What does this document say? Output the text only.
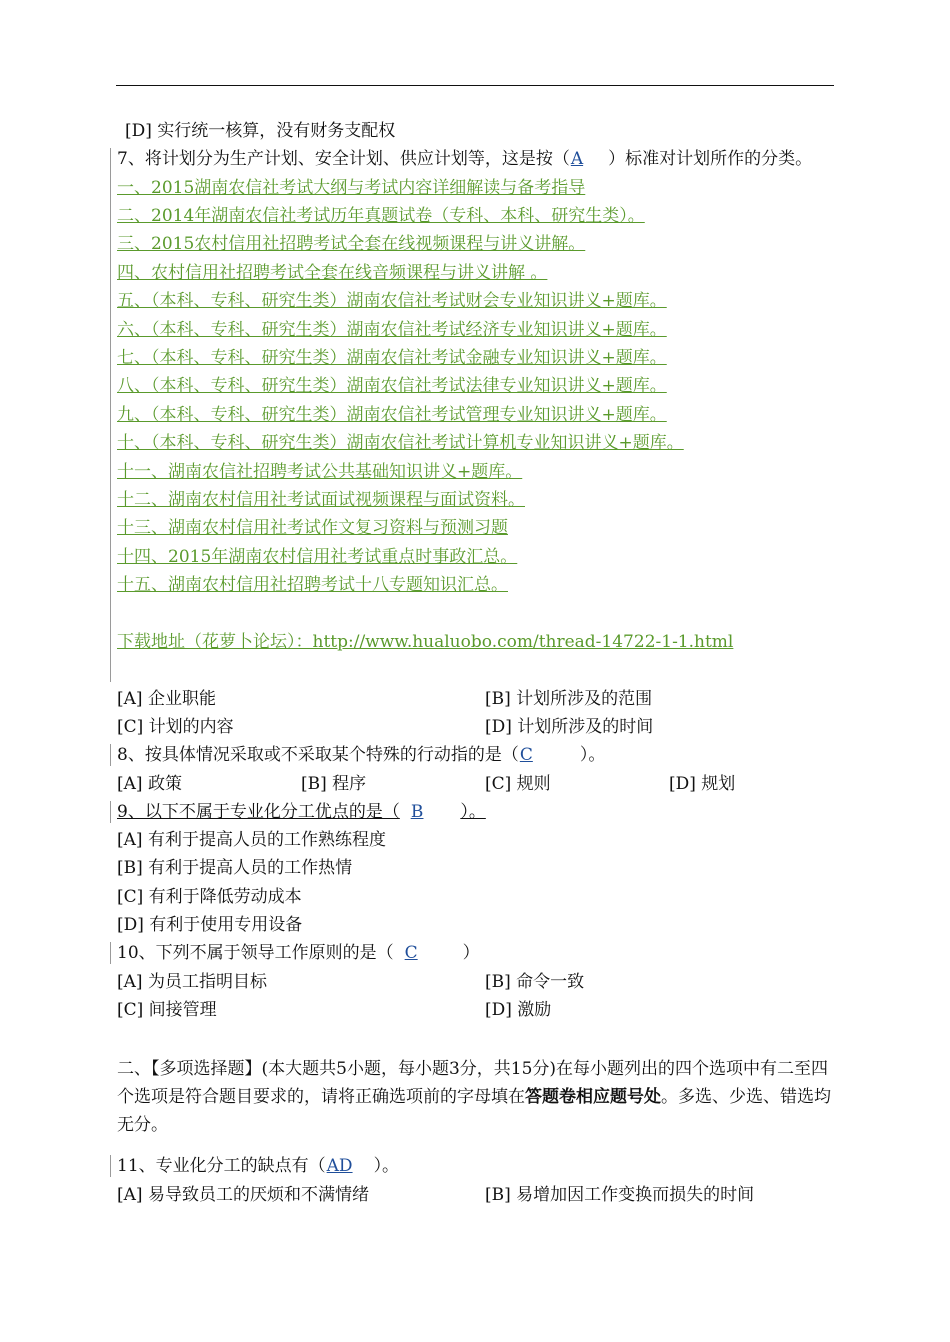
[D] 实行统一核算，没有财务支配权
7、将计划分为生产计划、安全计划、供应计划等，这是按（A ）标准对计划所作的分类。
一、2015湖南农信社考试大纲与考试内容详细解读与备考指导
二、2014年湖南农信社考试历年真题试卷（专科、本科、研究生类）。
三、2015农村信用社招聘考试全套在线视频课程与讲义讲解。
四、农村信用社招聘考试全套在线音频课程与讲义讲解 。
五、（本科、专科、研究生类）湖南农信社考试财会专业知识讲义+题库。
六、（本科、专科、研究生类）湖南农信社考试经济专业知识讲义+题库。
七、（本科、专科、研究生类）湖南农信社考试金融专业知识讲义+题库。
八、（本科、专科、研究生类）湖南农信社考试法律专业知识讲义+题库。
九、（本科、专科、研究生类）湖南农信社考试管理专业知识讲义+题库。
十、（本科、专科、研究生类）湖南农信社考试计算机专业知识讲义+题库。
十一、湖南农信社招聘考试公共基础知识讲义+题库。
十二、湖南农村信用社考试面试视频课程与面试资料。
十三、湖南农村信用社考试作文复习资料与预测习题
十四、2015年湖南农村信用社考试重点时事政汇总。
十五、湖南农村信用社招聘考试十八专题知识汇总。
下载地址（花萝卜论坛）：http://www.hualuobo.com/thread-14722-1-1.html
[A] 企业职能	[B] 计划所涉及的范围
[C] 计划的内容	[D] 计划所涉及的时间
8、按具体情况采取或不采取某个特殊的行动指的是（C	）。
[A] 政策	[B] 程序	[C] 规则	[D] 规划
9、以下不属于专业化分工优点的是（ B ）。
[A] 有利于提高人员的工作熟练程度
[B] 有利于提高人员的工作热情
[C] 有利于降低劳动成本
[D] 有利于使用专用设备
10、下列不属于领导工作原则的是（ C	）
[A] 为员工指明目标	[B] 命令一致
[C] 间接管理	[D] 激励
二、【多项选择题】(本大题共5小题，每小题3分，共15分)在每小题列出的四个选项中有二至四个选项是符合题目要求的，请将正确选项前的字母填在答题卷相应题号处。多选、少选、错选均无分。
11、专业化分工的缺点有（AD ）。
[A] 易导致员工的厌烦和不满情绪	[B] 易增加因工作变换而损失的时间
